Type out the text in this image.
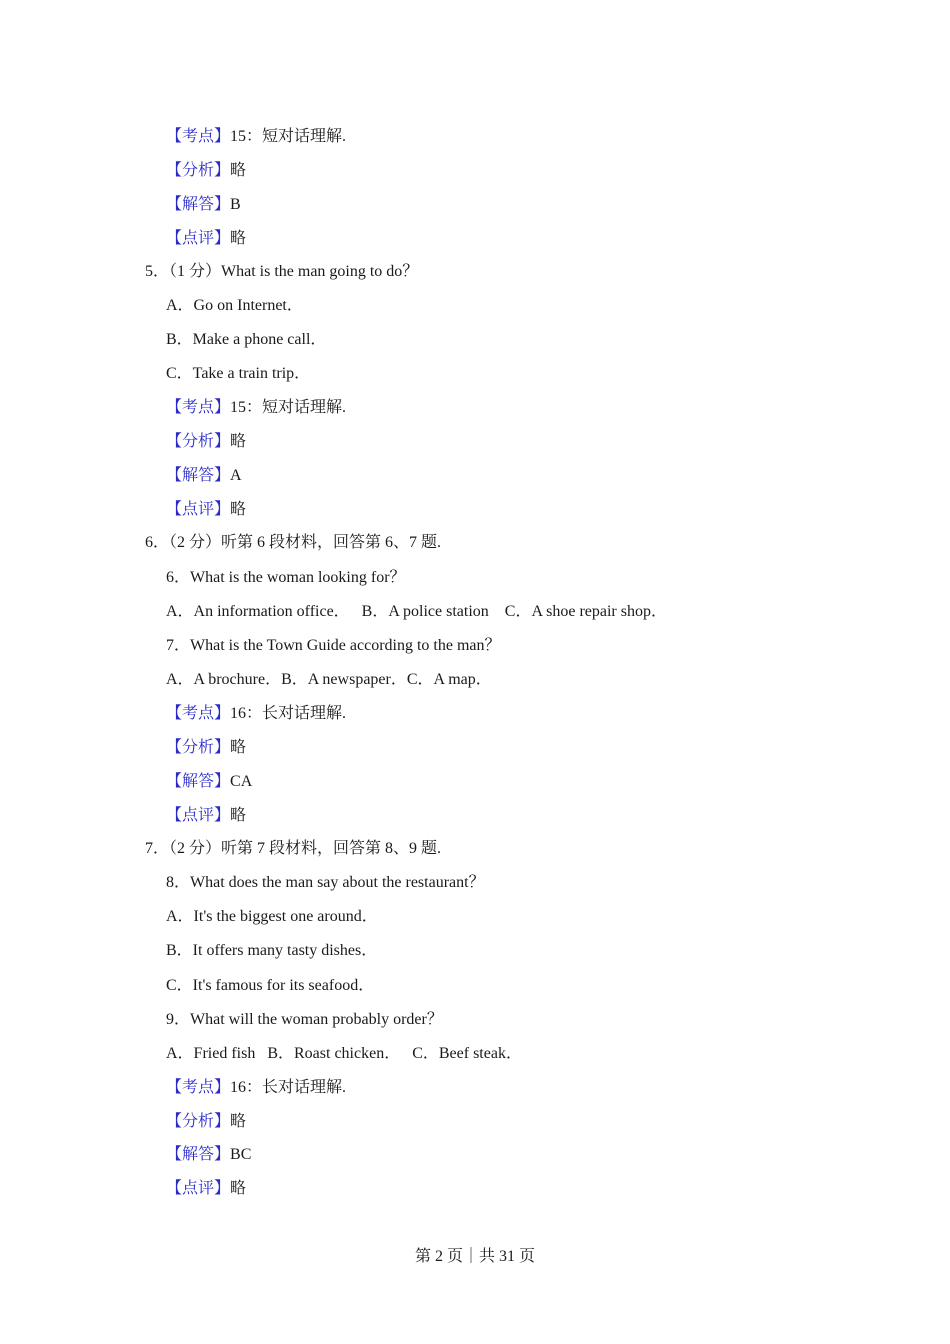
【考点】15：短对话理解.
【分析】略
【解答】B
【点评】略
5．（1 分）What is the man going to do？
A．Go on Internet．
B．Make a phone call．
C．Take a train trip．
【考点】15：短对话理解.
【分析】略
【解答】A
【点评】略
6．（2 分）听第 6 段材料，回答第 6、7 题.
6．What is the woman looking for？
A．An information office．   B．A police station    C．A shoe repair shop．
7．What is the Town Guide according to the man？
A．A brochure．B．A newspaper．C．A map．
【考点】16：长对话理解.
【分析】略
【解答】CA
【点评】略
7．（2 分）听第 7 段材料，回答第 8、9 题.
8．What does the man say about the restaurant？
A．It's the biggest one around．
B．It offers many tasty dishes．
C．It's famous for its seafood．
9．What will the woman probably order？
A．Fried fish   B．Roast chicken．   C．Beef steak．
【考点】16：长对话理解.
【分析】略
【解答】BC
【点评】略
第 2 页｜共 31 页
